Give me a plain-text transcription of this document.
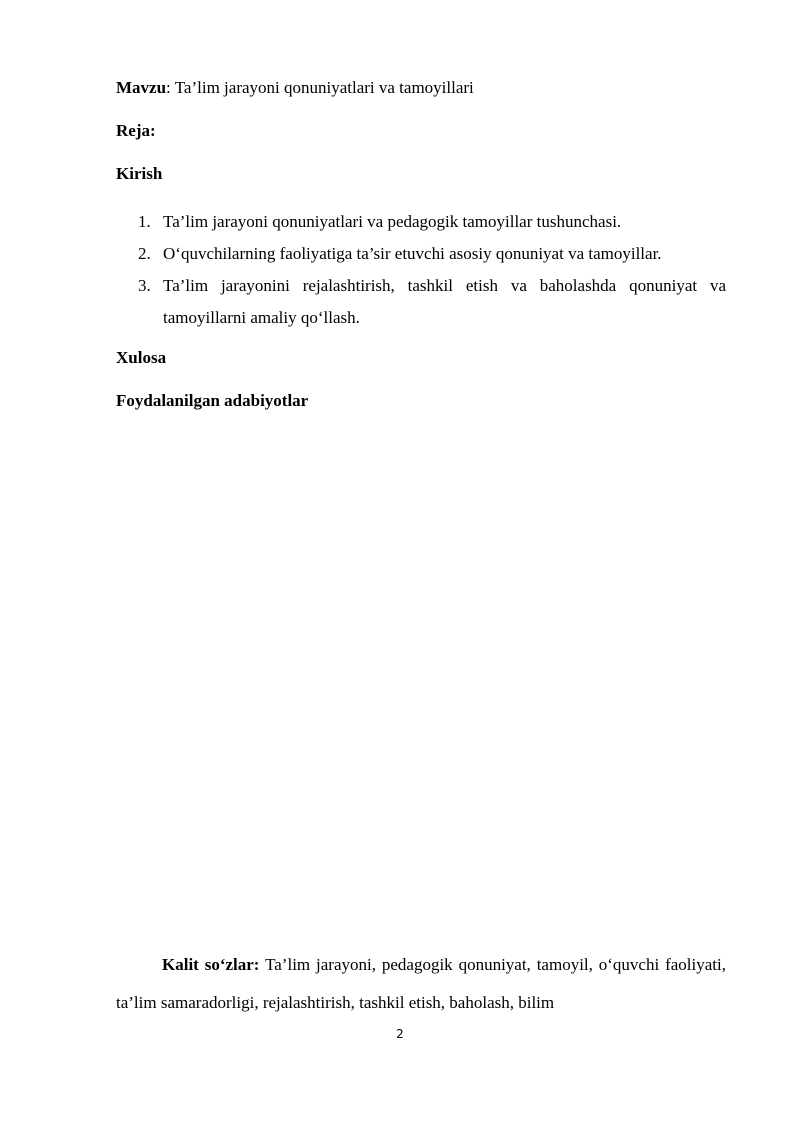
Mavzu: Ta’lim jarayoni qonuniyatlari va tamoyillari
Reja:
Kirish
1. Ta’lim jarayoni qonuniyatlari va pedagogik tamoyillar tushunchasi.
2. O‘quvchilarning faoliyatiga ta’sir etuvchi asosiy qonuniyat va tamoyillar.
3. Ta’lim jarayonini rejalashtirish, tashkil etish va baholashda qonuniyat va tamoyillarni amaliy qo‘llash.
Xulosa
Foydalanilgan adabiyotlar
Kalit so‘zlar: Ta’lim jarayoni, pedagogik qonuniyat, tamoyil, o‘quvchi faoliyati, ta’lim samaradorligi, rejalashtirish, tashkil etish, baholash, bilim
2
